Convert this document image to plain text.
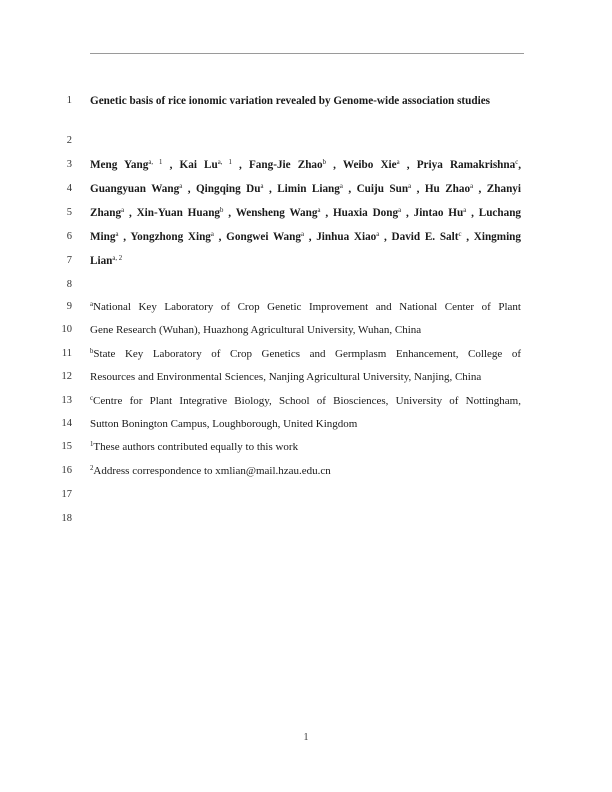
1 Genetic basis of rice ionomic variation revealed by Genome-wide association studies
2
3 Meng Yang$^{a, 1}$ , Kai Lu$^{a, 1}$ , Fang-Jie Zhao$^b$ , Weibo Xie$^a$ , Priya Ramakrishna$^c$,
4 Guangyuan Wang$^a$ , Qingqing Du$^a$ , Limin Liang$^a$ , Cuiju Sun$^a$ , Hu Zhao$^a$ , Zhanyi
5 Zhang$^a$ , Xin-Yuan Huang$^b$ , Wensheng Wang$^a$ , Huaxia Dong$^a$ , Jintao Hu$^a$ , Luchang
6 Ming$^a$ , Yongzhong Xing$^a$ , Gongwei Wang$^a$ , Jinhua Xiao$^a$ , David E. Salt$^c$ , Xingming
7 Lian$^{a, 2}$
8
9	$^a$National Key Laboratory of Crop Genetic Improvement and National Center of Plant
10 Gene Research (Wuhan), Huazhong Agricultural University, Wuhan, China
11	$^b$State Key Laboratory of Crop Genetics and Germplasm Enhancement, College of
12 Resources and Environmental Sciences, Nanjing Agricultural University, Nanjing, China
13	$^c$Centre for Plant Integrative Biology, School of Biosciences, University of Nottingham,
14 Sutton Bonington Campus, Loughborough, United Kingdom
15	$^1$These authors contributed equally to this work
16	$^2$Address correspondence to xmlian@mail.hzau.edu.cn
17
18
1
